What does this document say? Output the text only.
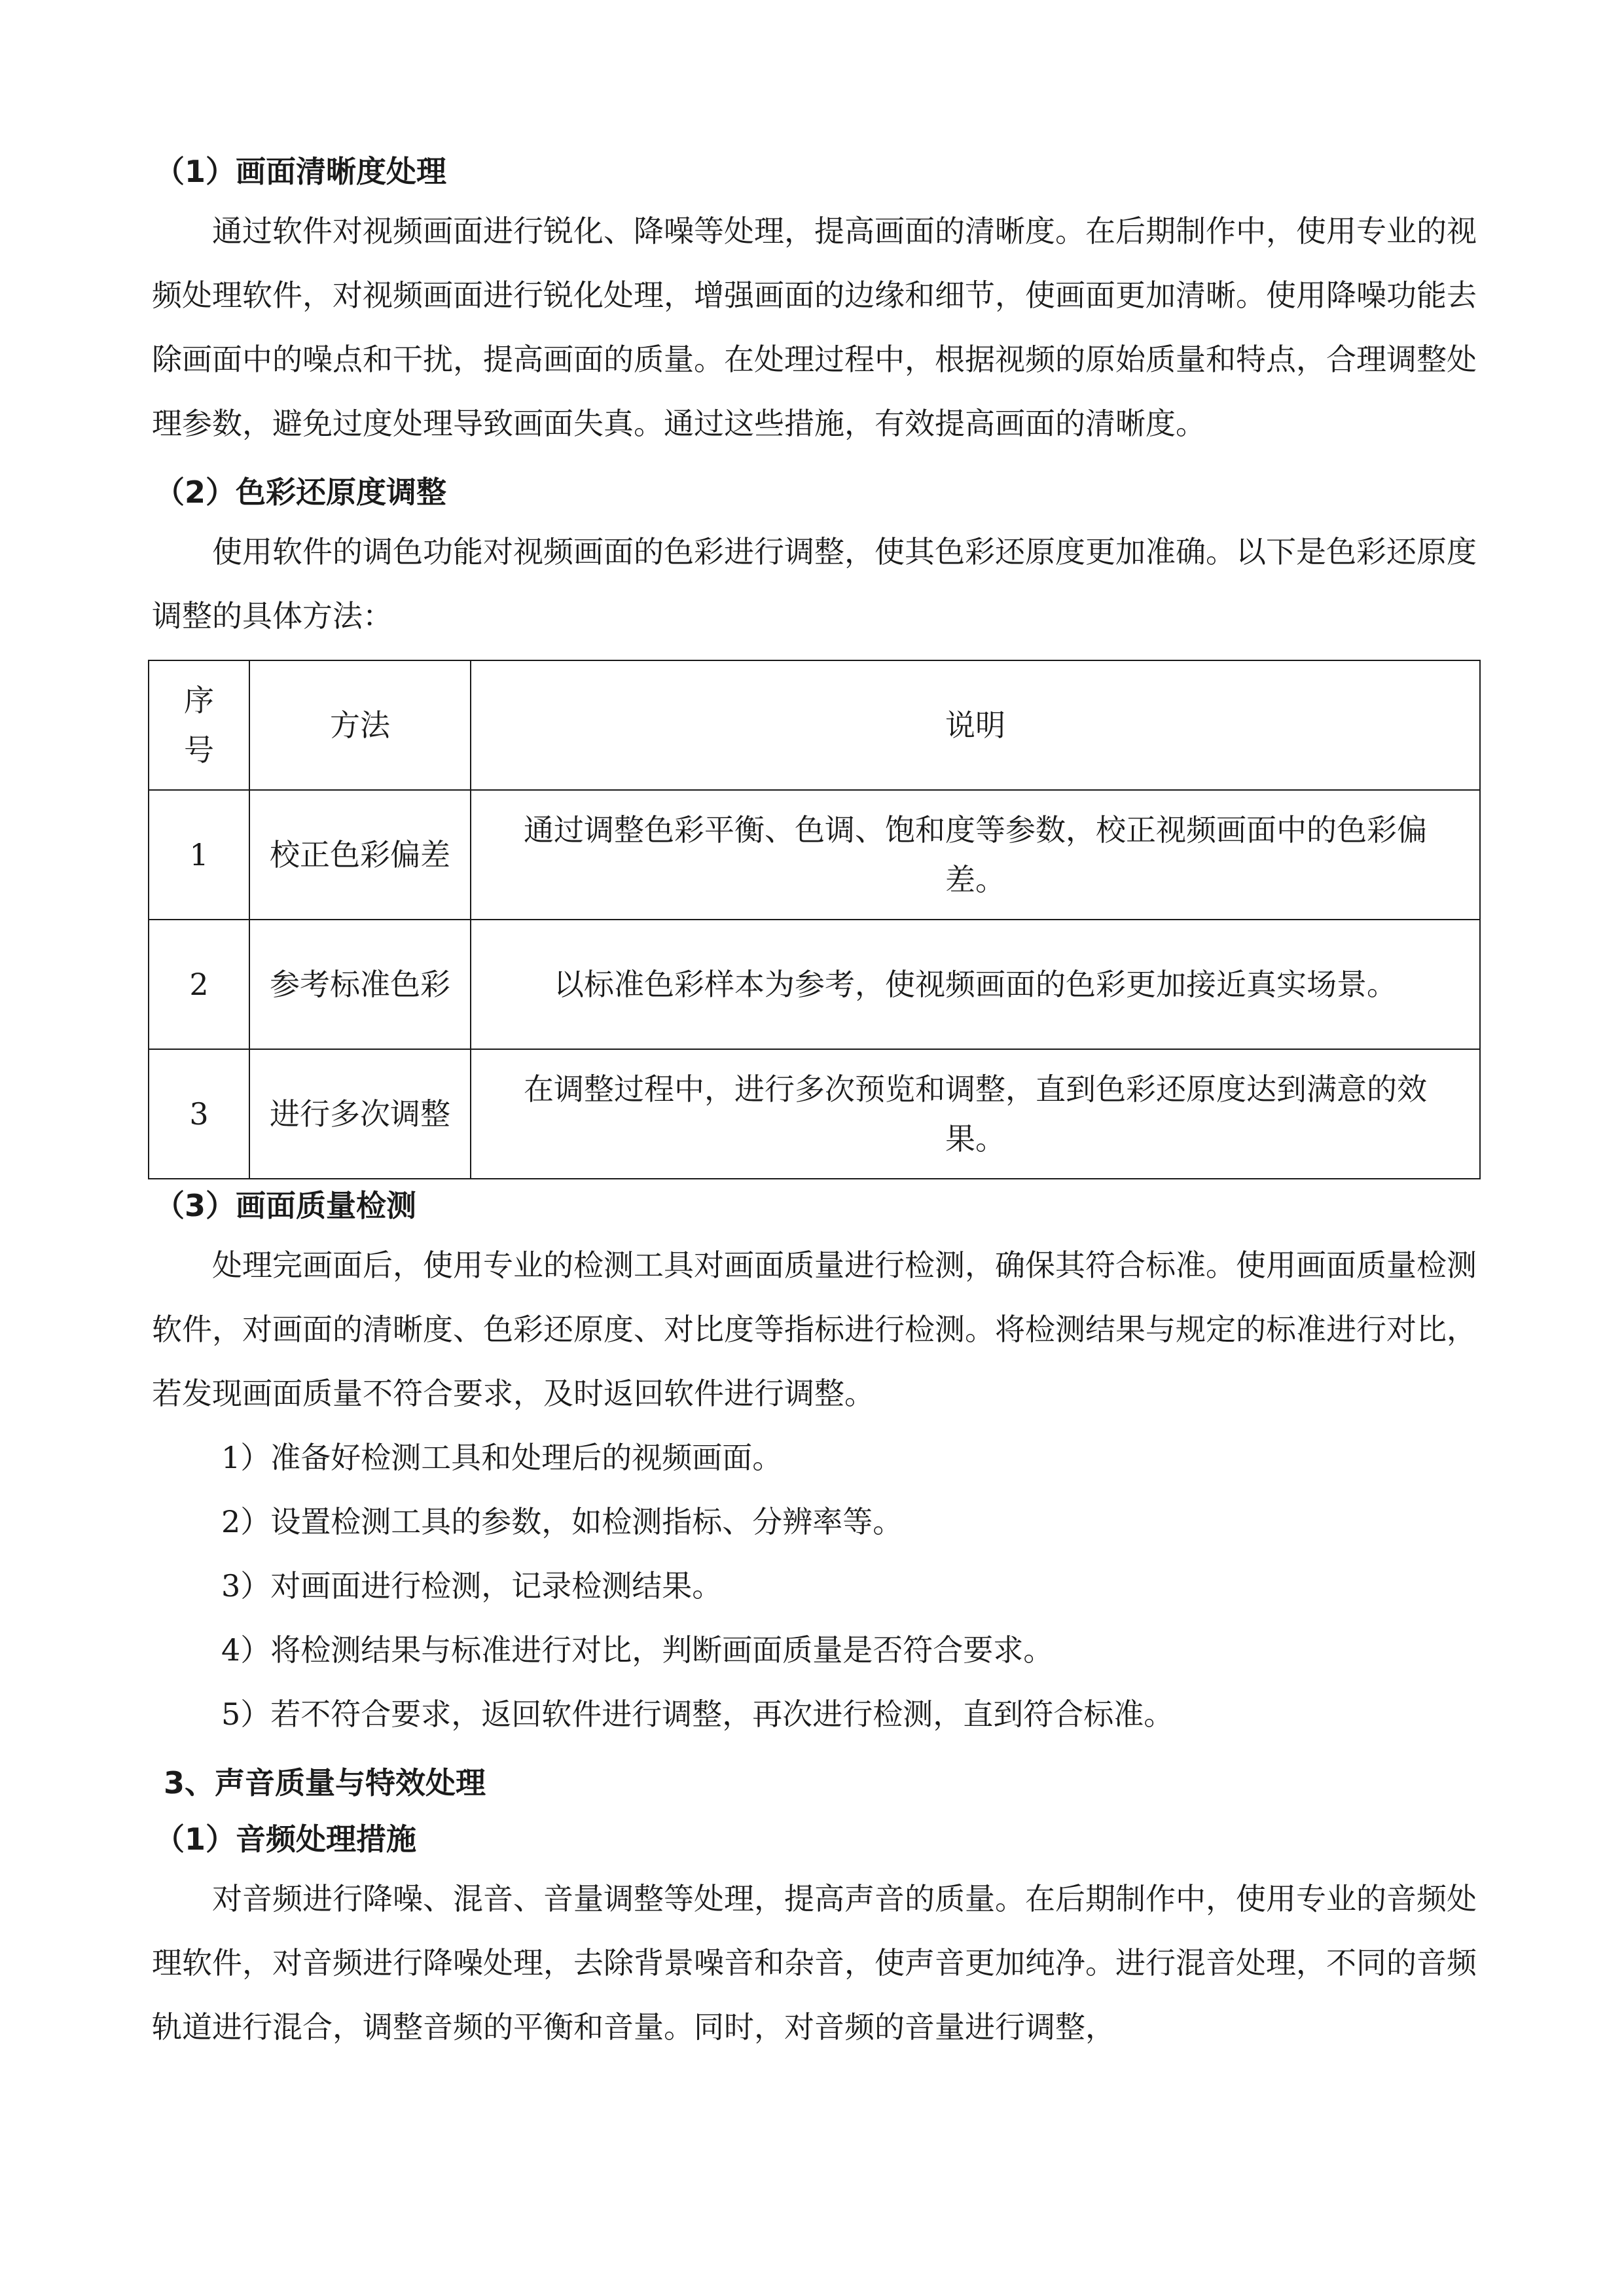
（1）画面清晰度处理

通过软件对视频画面进行锐化、降噪等处理，提高画面的清晰度。在后期制作中，使用专业的视频处理软件，对视频画面进行锐化处理，增强画面的边缘和细节，使画面更加清晰。使用降噪功能去除画面中的噪点和干扰，提高画面的质量。在处理过程中，根据视频的原始质量和特点，合理调整处理参数，避免过度处理导致画面失真。通过这些措施，有效提高画面的清晰度。

（2）色彩还原度调整

使用软件的调色功能对视频画面的色彩进行调整，使其色彩还原度更加准确。以下是色彩还原度调整的具体方法：

序号	方法	说明
1	校正色彩偏差	通过调整色彩平衡、色调、饱和度等参数，校正视频画面中的色彩偏差。
2	参考标准色彩	以标准色彩样本为参考，使视频画面的色彩更加接近真实场景。
3	进行多次调整	在调整过程中，进行多次预览和调整，直到色彩还原度达到满意的效果。
（3）画面质量检测

处理完画面后，使用专业的检测工具对画面质量进行检测，确保其符合标准。使用画面质量检测软件，对画面的清晰度、色彩还原度、对比度等指标进行检测。将检测结果与规定的标准进行对比，若发现画面质量不符合要求，及时返回软件进行调整。

1）准备好检测工具和处理后的视频画面。

2）设置检测工具的参数，如检测指标、分辨率等。

3）对画面进行检测，记录检测结果。

4）将检测结果与标准进行对比，判断画面质量是否符合要求。

5）若不符合要求，返回软件进行调整，再次进行检测，直到符合标准。

3、声音质量与特效处理
（1）音频处理措施

对音频进行降噪、混音、音量调整等处理，提高声音的质量。在后期制作中，使用专业的音频处理软件，对音频进行降噪处理，去除背景噪音和杂音，使声音更加纯净。进行混音处理，不同的音频轨道进行混合，调整音频的平衡和音量。同时，对音频的音量进行调整，
